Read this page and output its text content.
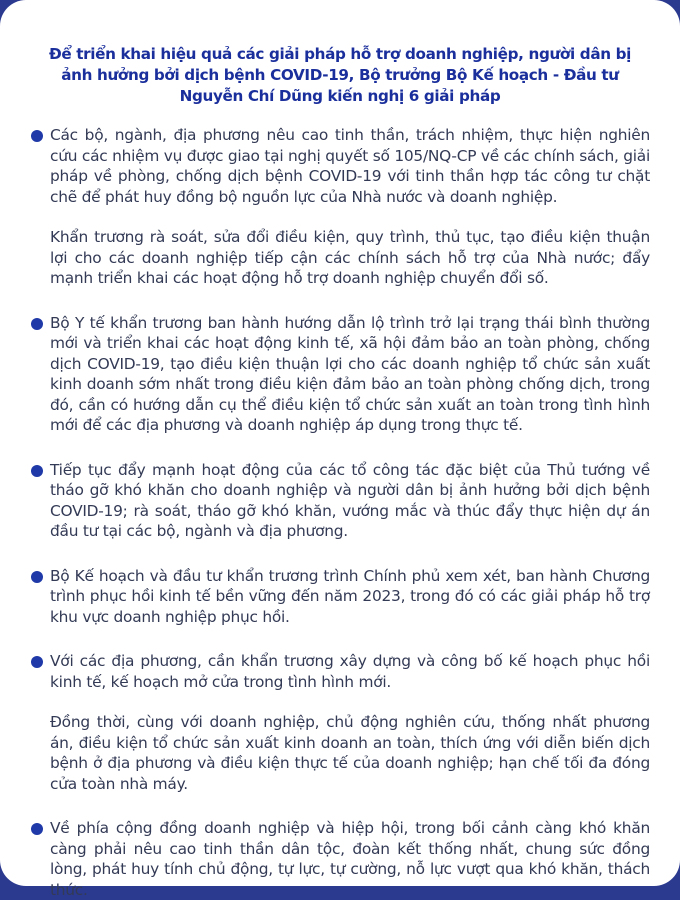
Để triển khai hiệu quả các giải pháp hỗ trợ doanh nghiệp, người dân bị ảnh hưởng bởi dịch bệnh COVID-19, Bộ trưởng Bộ Kế hoạch - Đầu tư Nguyễn Chí Dũng kiến nghị 6 giải pháp

Các bộ, ngành, địa phương nêu cao tinh thần, trách nhiệm, thực hiện nghiên cứu các nhiệm vụ được giao tại nghị quyết số 105/NQ-CP về các chính sách, giải pháp về phòng, chống dịch bệnh COVID-19 với tinh thần hợp tác công tư chặt chẽ để phát huy đồng bộ nguồn lực của Nhà nước và doanh nghiệp.

Khẩn trương rà soát, sửa đổi điều kiện, quy trình, thủ tục, tạo điều kiện thuận lợi cho các doanh nghiệp tiếp cận các chính sách hỗ trợ của Nhà nước; đẩy mạnh triển khai các hoạt động hỗ trợ doanh nghiệp chuyển đổi số.

Bộ Y tế khẩn trương ban hành hướng dẫn lộ trình trở lại trạng thái bình thường mới và triển khai các hoạt động kinh tế, xã hội đảm bảo an toàn phòng, chống dịch COVID-19, tạo điều kiện thuận lợi cho các doanh nghiệp tổ chức sản xuất kinh doanh sớm nhất trong điều kiện đảm bảo an toàn phòng chống dịch, trong đó, cần có hướng dẫn cụ thể điều kiện tổ chức sản xuất an toàn trong tình hình mới để các địa phương và doanh nghiệp áp dụng trong thực tế.

Tiếp tục đẩy mạnh hoạt động của các tổ công tác đặc biệt của Thủ tướng về tháo gỡ khó khăn cho doanh nghiệp và người dân bị ảnh hưởng bởi dịch bệnh COVID-19; rà soát, tháo gỡ khó khăn, vướng mắc và thúc đẩy thực hiện dự án đầu tư tại các bộ, ngành và địa phương.

Bộ Kế hoạch và đầu tư khẩn trương trình Chính phủ xem xét, ban hành Chương trình phục hồi kinh tế bền vững đến năm 2023, trong đó có các giải pháp hỗ trợ khu vực doanh nghiệp phục hồi.

Với các địa phương, cần khẩn trương xây dựng và công bố kế hoạch phục hồi kinh tế, kế hoạch mở cửa trong tình hình mới.

Đồng thời, cùng với doanh nghiệp, chủ động nghiên cứu, thống nhất phương án, điều kiện tổ chức sản xuất kinh doanh an toàn, thích ứng với diễn biến dịch bệnh ở địa phương và điều kiện thực tế của doanh nghiệp; hạn chế tối đa đóng cửa toàn nhà máy.

Về phía cộng đồng doanh nghiệp và hiệp hội, trong bối cảnh càng khó khăn càng phải nêu cao tinh thần dân tộc, đoàn kết thống nhất, chung sức đồng lòng, phát huy tính chủ động, tự lực, tự cường, nỗ lực vượt qua khó khăn, thách thức.
